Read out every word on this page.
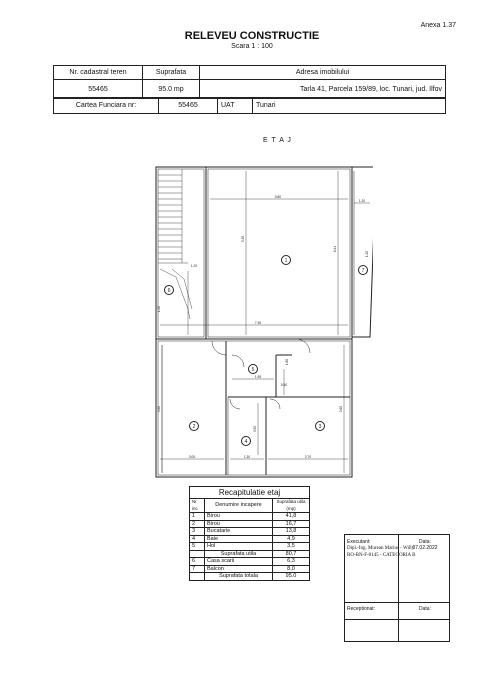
Anexa 1.37
RELEVEU CONSTRUCTIE
Scara 1 : 100
Nr. cadastral teren	Suprafata	Adresa imobilului
55465	95.0 mp	Tarla 41, Parcela 159/89, loc. Tunari, jud. Ilfov
Cartea Funciara nr:	55465	UAT	Tunari
E T A J
1
2	3
4
5
6
7
5.80
1.20
5.30
6.44
1.20
1.20
1.50
7.35
1.95
0.80
1.80
5.60	5.60
3.50
3.00	1.30	2.70
Recapitulatie etaj
Nr inc	Denumire incapere	Suprafata utila (mp)
1	Birou	41,8
2	Birou	16,7
3	Bucatarie	13,8
4	Baie	4,9
5	Hol	3,5
	Suprafata utila	80,7
6	Casa scarii	6,3
7	Balcon	8,0
	Suprafata totala	95.0
Executant:
Dipl.-Ing. Murean Marius - Willy
RO-BN-F-0145 - CATEGORIA B
Data:
07.02.2022
Receptionat:	Data:
